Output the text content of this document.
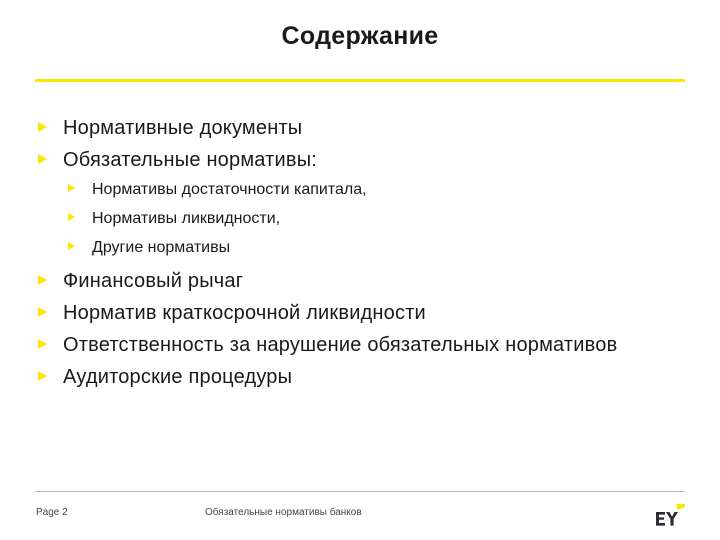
Содержание
Нормативные документы
Обязательные нормативы:
Нормативы достаточности капитала,
Нормативы ликвидности,
Другие нормативы
Финансовый рычаг
Норматив краткосрочной ликвидности
Ответственность за нарушение обязательных нормативов
Аудиторские процедуры
Page 2	Обязательные нормативы банков
